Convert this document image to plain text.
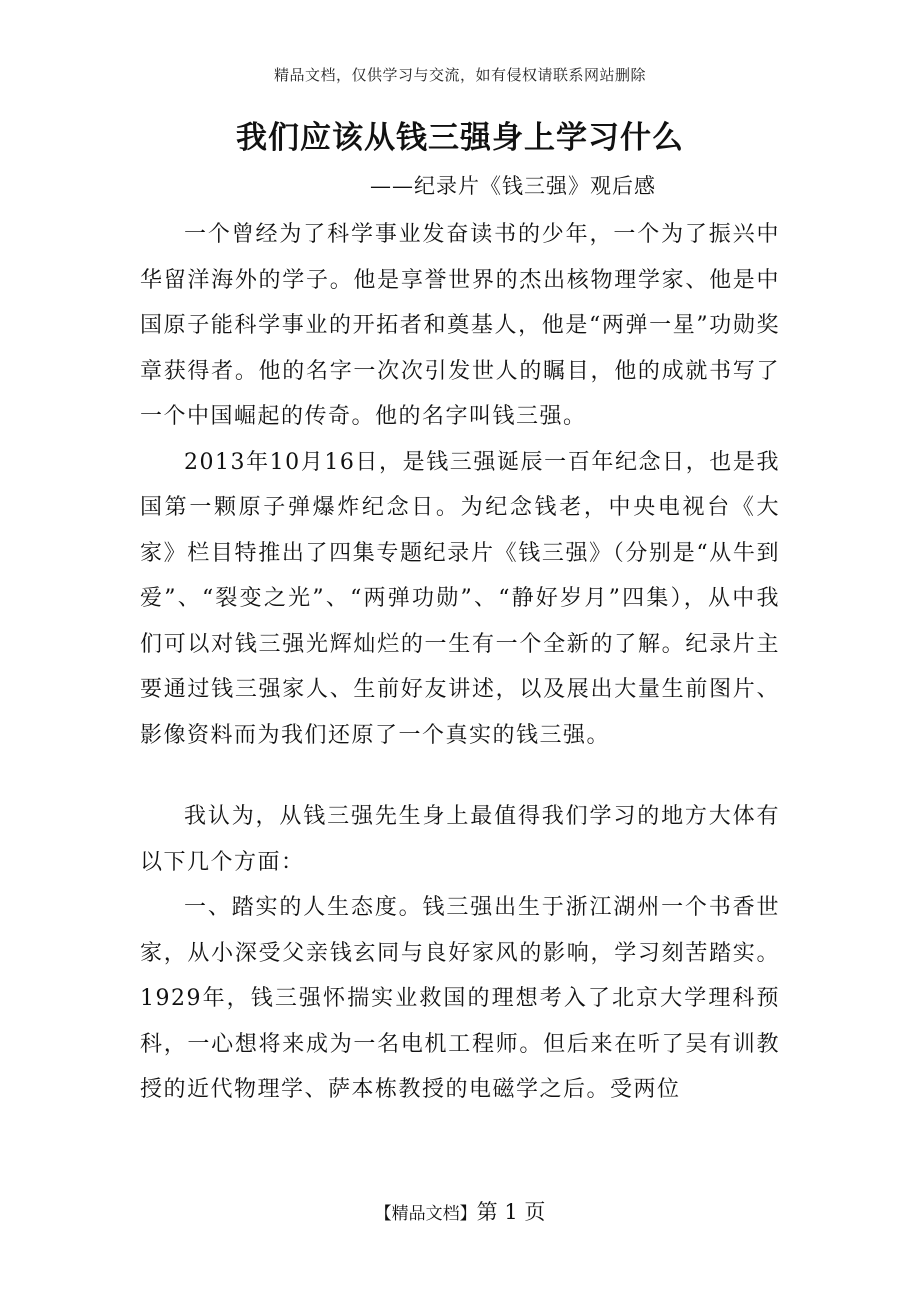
精品文档，仅供学习与交流，如有侵权请联系网站删除
我们应该从钱三强身上学习什么
——纪录片《钱三强》观后感

一个曾经为了科学事业发奋读书的少年，一个为了振兴中华留洋海外的学子。他是享誉世界的杰出核物理学家、他是中国原子能科学事业的开拓者和奠基人，他是“两弹一星”功勋奖章获得者。他的名字一次次引发世人的瞩目，他的成就书写了一个中国崛起的传奇。他的名字叫钱三强。

2013年10月16日，是钱三强诞辰一百年纪念日，也是我国第一颗原子弹爆炸纪念日。为纪念钱老，中央电视台《大家》栏目特推出了四集专题纪录片《钱三强》（分别是“从牛到爱”、“裂变之光”、“两弹功勋”、“静好岁月”四集），从中我们可以对钱三强光辉灿烂的一生有一个全新的了解。纪录片主要通过钱三强家人、生前好友讲述，以及展出大量生前图片、影像资料而为我们还原了一个真实的钱三强。

我认为，从钱三强先生身上最值得我们学习的地方大体有以下几个方面：

一、踏实的人生态度。钱三强出生于浙江湖州一个书香世家，从小深受父亲钱玄同与良好家风的影响，学习刻苦踏实。1929年，钱三强怀揣实业救国的理想考入了北京大学理科预科，一心想将来成为一名电机工程师。但后来在听了吴有训教授的近代物理学、萨本栋教授的电磁学之后。受两位

【精品文档】第 1 页
